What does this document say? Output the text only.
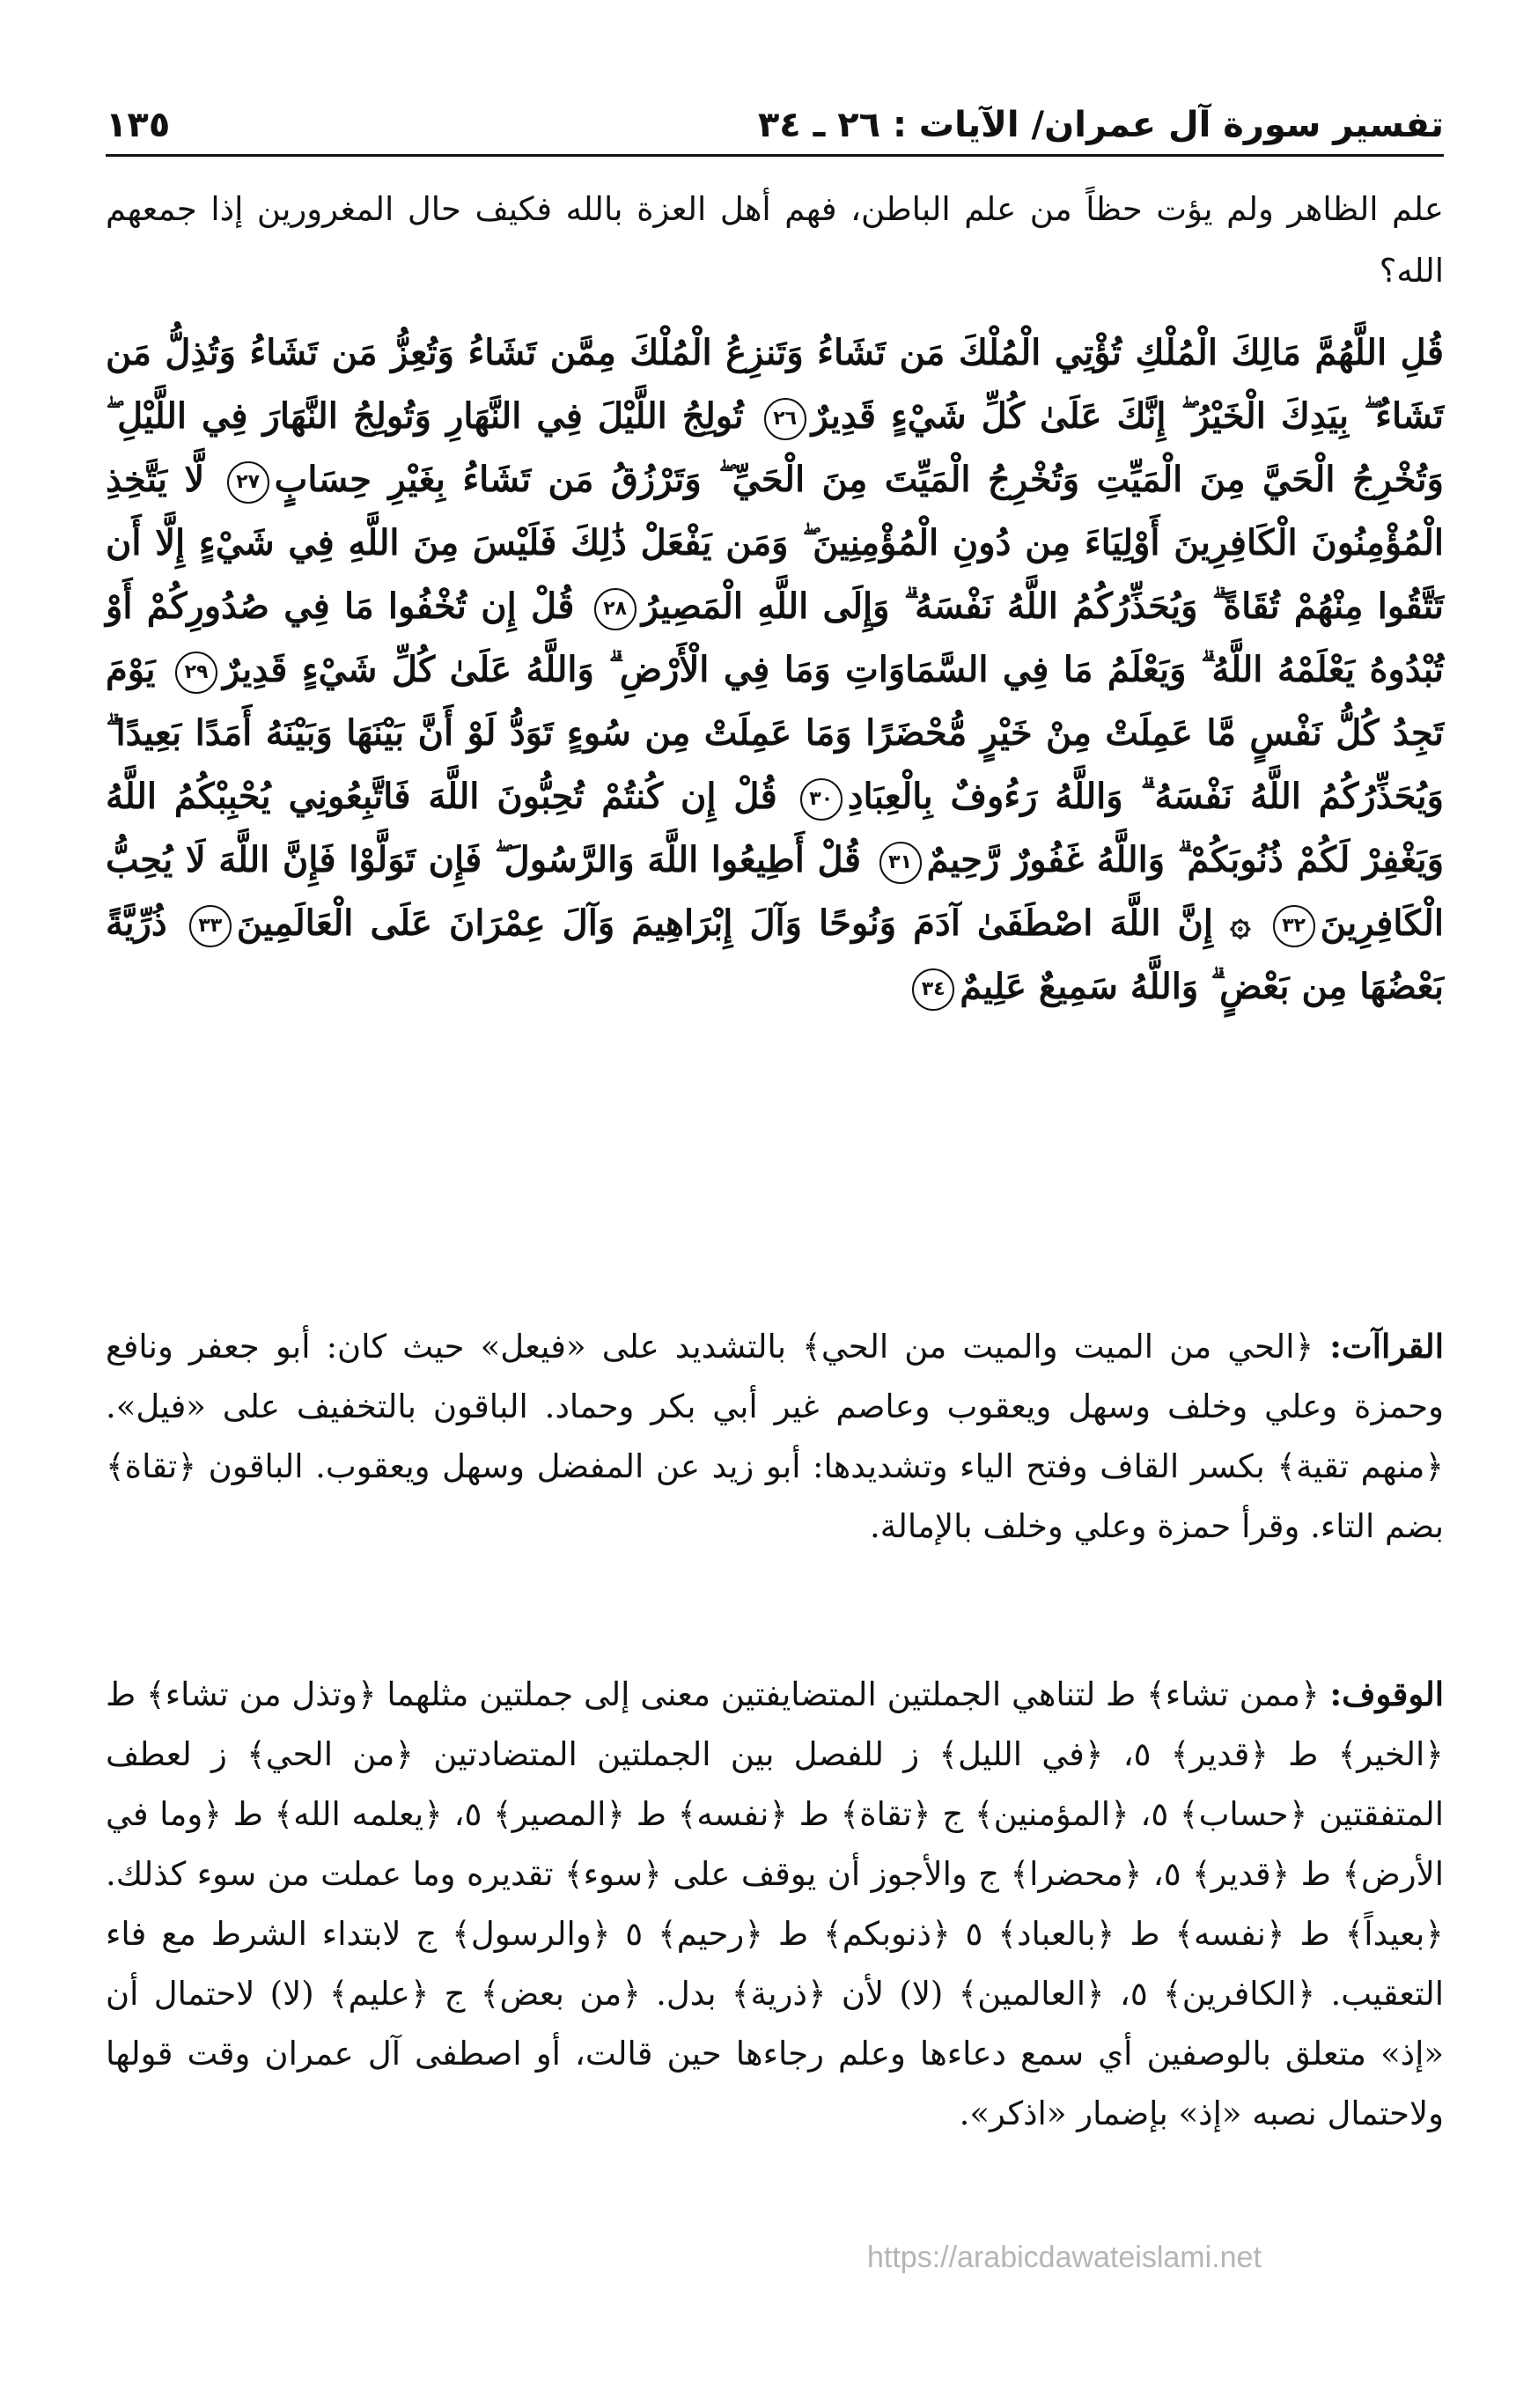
تفسير سورة آل عمران/ الآيات : ٢٦ ـ ٣٤
١٣٥
علم الظاهر ولم يؤت حظاً من علم الباطن، فهم أهل العزة بالله فكيف حال المغرورين إذا جمعهم الله؟
قُلِ اللَّهُمَّ مَالِكَ الْمُلْكِ تُؤْتِي الْمُلْكَ مَن تَشَاءُ وَتَنزِعُ الْمُلْكَ مِمَّن تَشَاءُ وَتُعِزُّ مَن تَشَاءُ وَتُذِلُّ مَن تَشَاءُ ۖ بِيَدِكَ الْخَيْرُ ۖ إِنَّكَ عَلَىٰ كُلِّ شَيْءٍ قَدِيرٌ٢٦ تُولِجُ اللَّيْلَ فِي النَّهَارِ وَتُولِجُ النَّهَارَ فِي اللَّيْلِ ۖ وَتُخْرِجُ الْحَيَّ مِنَ الْمَيِّتِ وَتُخْرِجُ الْمَيِّتَ مِنَ الْحَيِّ ۖ وَتَرْزُقُ مَن تَشَاءُ بِغَيْرِ حِسَابٍ٢٧ لَّا يَتَّخِذِ الْمُؤْمِنُونَ الْكَافِرِينَ أَوْلِيَاءَ مِن دُونِ الْمُؤْمِنِينَ ۖ وَمَن يَفْعَلْ ذَٰلِكَ فَلَيْسَ مِنَ اللَّهِ فِي شَيْءٍ إِلَّا أَن تَتَّقُوا مِنْهُمْ تُقَاةً ۗ وَيُحَذِّرُكُمُ اللَّهُ نَفْسَهُ ۗ وَإِلَى اللَّهِ الْمَصِيرُ٢٨ قُلْ إِن تُخْفُوا مَا فِي صُدُورِكُمْ أَوْ تُبْدُوهُ يَعْلَمْهُ اللَّهُ ۗ وَيَعْلَمُ مَا فِي السَّمَاوَاتِ وَمَا فِي الْأَرْضِ ۗ وَاللَّهُ عَلَىٰ كُلِّ شَيْءٍ قَدِيرٌ٢٩ يَوْمَ تَجِدُ كُلُّ نَفْسٍ مَّا عَمِلَتْ مِنْ خَيْرٍ مُّحْضَرًا وَمَا عَمِلَتْ مِن سُوءٍ تَوَدُّ لَوْ أَنَّ بَيْنَهَا وَبَيْنَهُ أَمَدًا بَعِيدًا ۗ وَيُحَذِّرُكُمُ اللَّهُ نَفْسَهُ ۗ وَاللَّهُ رَءُوفٌ بِالْعِبَادِ٣٠ قُلْ إِن كُنتُمْ تُحِبُّونَ اللَّهَ فَاتَّبِعُونِي يُحْبِبْكُمُ اللَّهُ وَيَغْفِرْ لَكُمْ ذُنُوبَكُمْ ۗ وَاللَّهُ غَفُورٌ رَّحِيمٌ٣١ قُلْ أَطِيعُوا اللَّهَ وَالرَّسُولَ ۖ فَإِن تَوَلَّوْا فَإِنَّ اللَّهَ لَا يُحِبُّ الْكَافِرِينَ٣٢ ۞ إِنَّ اللَّهَ اصْطَفَىٰ آدَمَ وَنُوحًا وَآلَ إِبْرَاهِيمَ وَآلَ عِمْرَانَ عَلَى الْعَالَمِينَ٣٣ ذُرِّيَّةً بَعْضُهَا مِن بَعْضٍ ۗ وَاللَّهُ سَمِيعٌ عَلِيمٌ٣٤

القراآت: ﴿الحي من الميت والميت من الحي﴾ بالتشديد على «فيعل» حيث كان: أبو جعفر ونافع وحمزة وعلي وخلف وسهل ويعقوب وعاصم غير أبي بكر وحماد. الباقون بالتخفيف على «فيل». ﴿منهم تقية﴾ بكسر القاف وفتح الياء وتشديدها: أبو زيد عن المفضل وسهل ويعقوب. الباقون ﴿تقاة﴾ بضم التاء. وقرأ حمزة وعلي وخلف بالإمالة.

الوقوف: ﴿ممن تشاء﴾ ط لتناهي الجملتين المتضايفتين معنى إلى جملتين مثلهما ﴿وتذل من تشاء﴾ ط ﴿الخير﴾ ط ﴿قدير﴾ ٥، ﴿في الليل﴾ ز للفصل بين الجملتين المتضادتين ﴿من الحي﴾ ز لعطف المتفقتين ﴿حساب﴾ ٥، ﴿المؤمنين﴾ ج ﴿تقاة﴾ ط ﴿نفسه﴾ ط ﴿المصير﴾ ٥، ﴿يعلمه الله﴾ ط ﴿وما في الأرض﴾ ط ﴿قدير﴾ ٥، ﴿محضرا﴾ ج والأجوز أن يوقف على ﴿سوء﴾ تقديره وما عملت من سوء كذلك. ﴿بعيداً﴾ ط ﴿نفسه﴾ ط ﴿بالعباد﴾ ٥ ﴿ذنوبكم﴾ ط ﴿رحيم﴾ ٥ ﴿والرسول﴾ ج لابتداء الشرط مع فاء التعقيب. ﴿الكافرين﴾ ٥، ﴿العالمين﴾ (لا) لأن ﴿ذرية﴾ بدل. ﴿من بعض﴾ ج ﴿عليم﴾ (لا) لاحتمال أن «إذ» متعلق بالوصفين أي سمع دعاءها وعلم رجاءها حين قالت، أو اصطفى آل عمران وقت قولها ولاحتمال نصبه «إذ» بإضمار «اذكر».

https://arabicdawateislami.net
